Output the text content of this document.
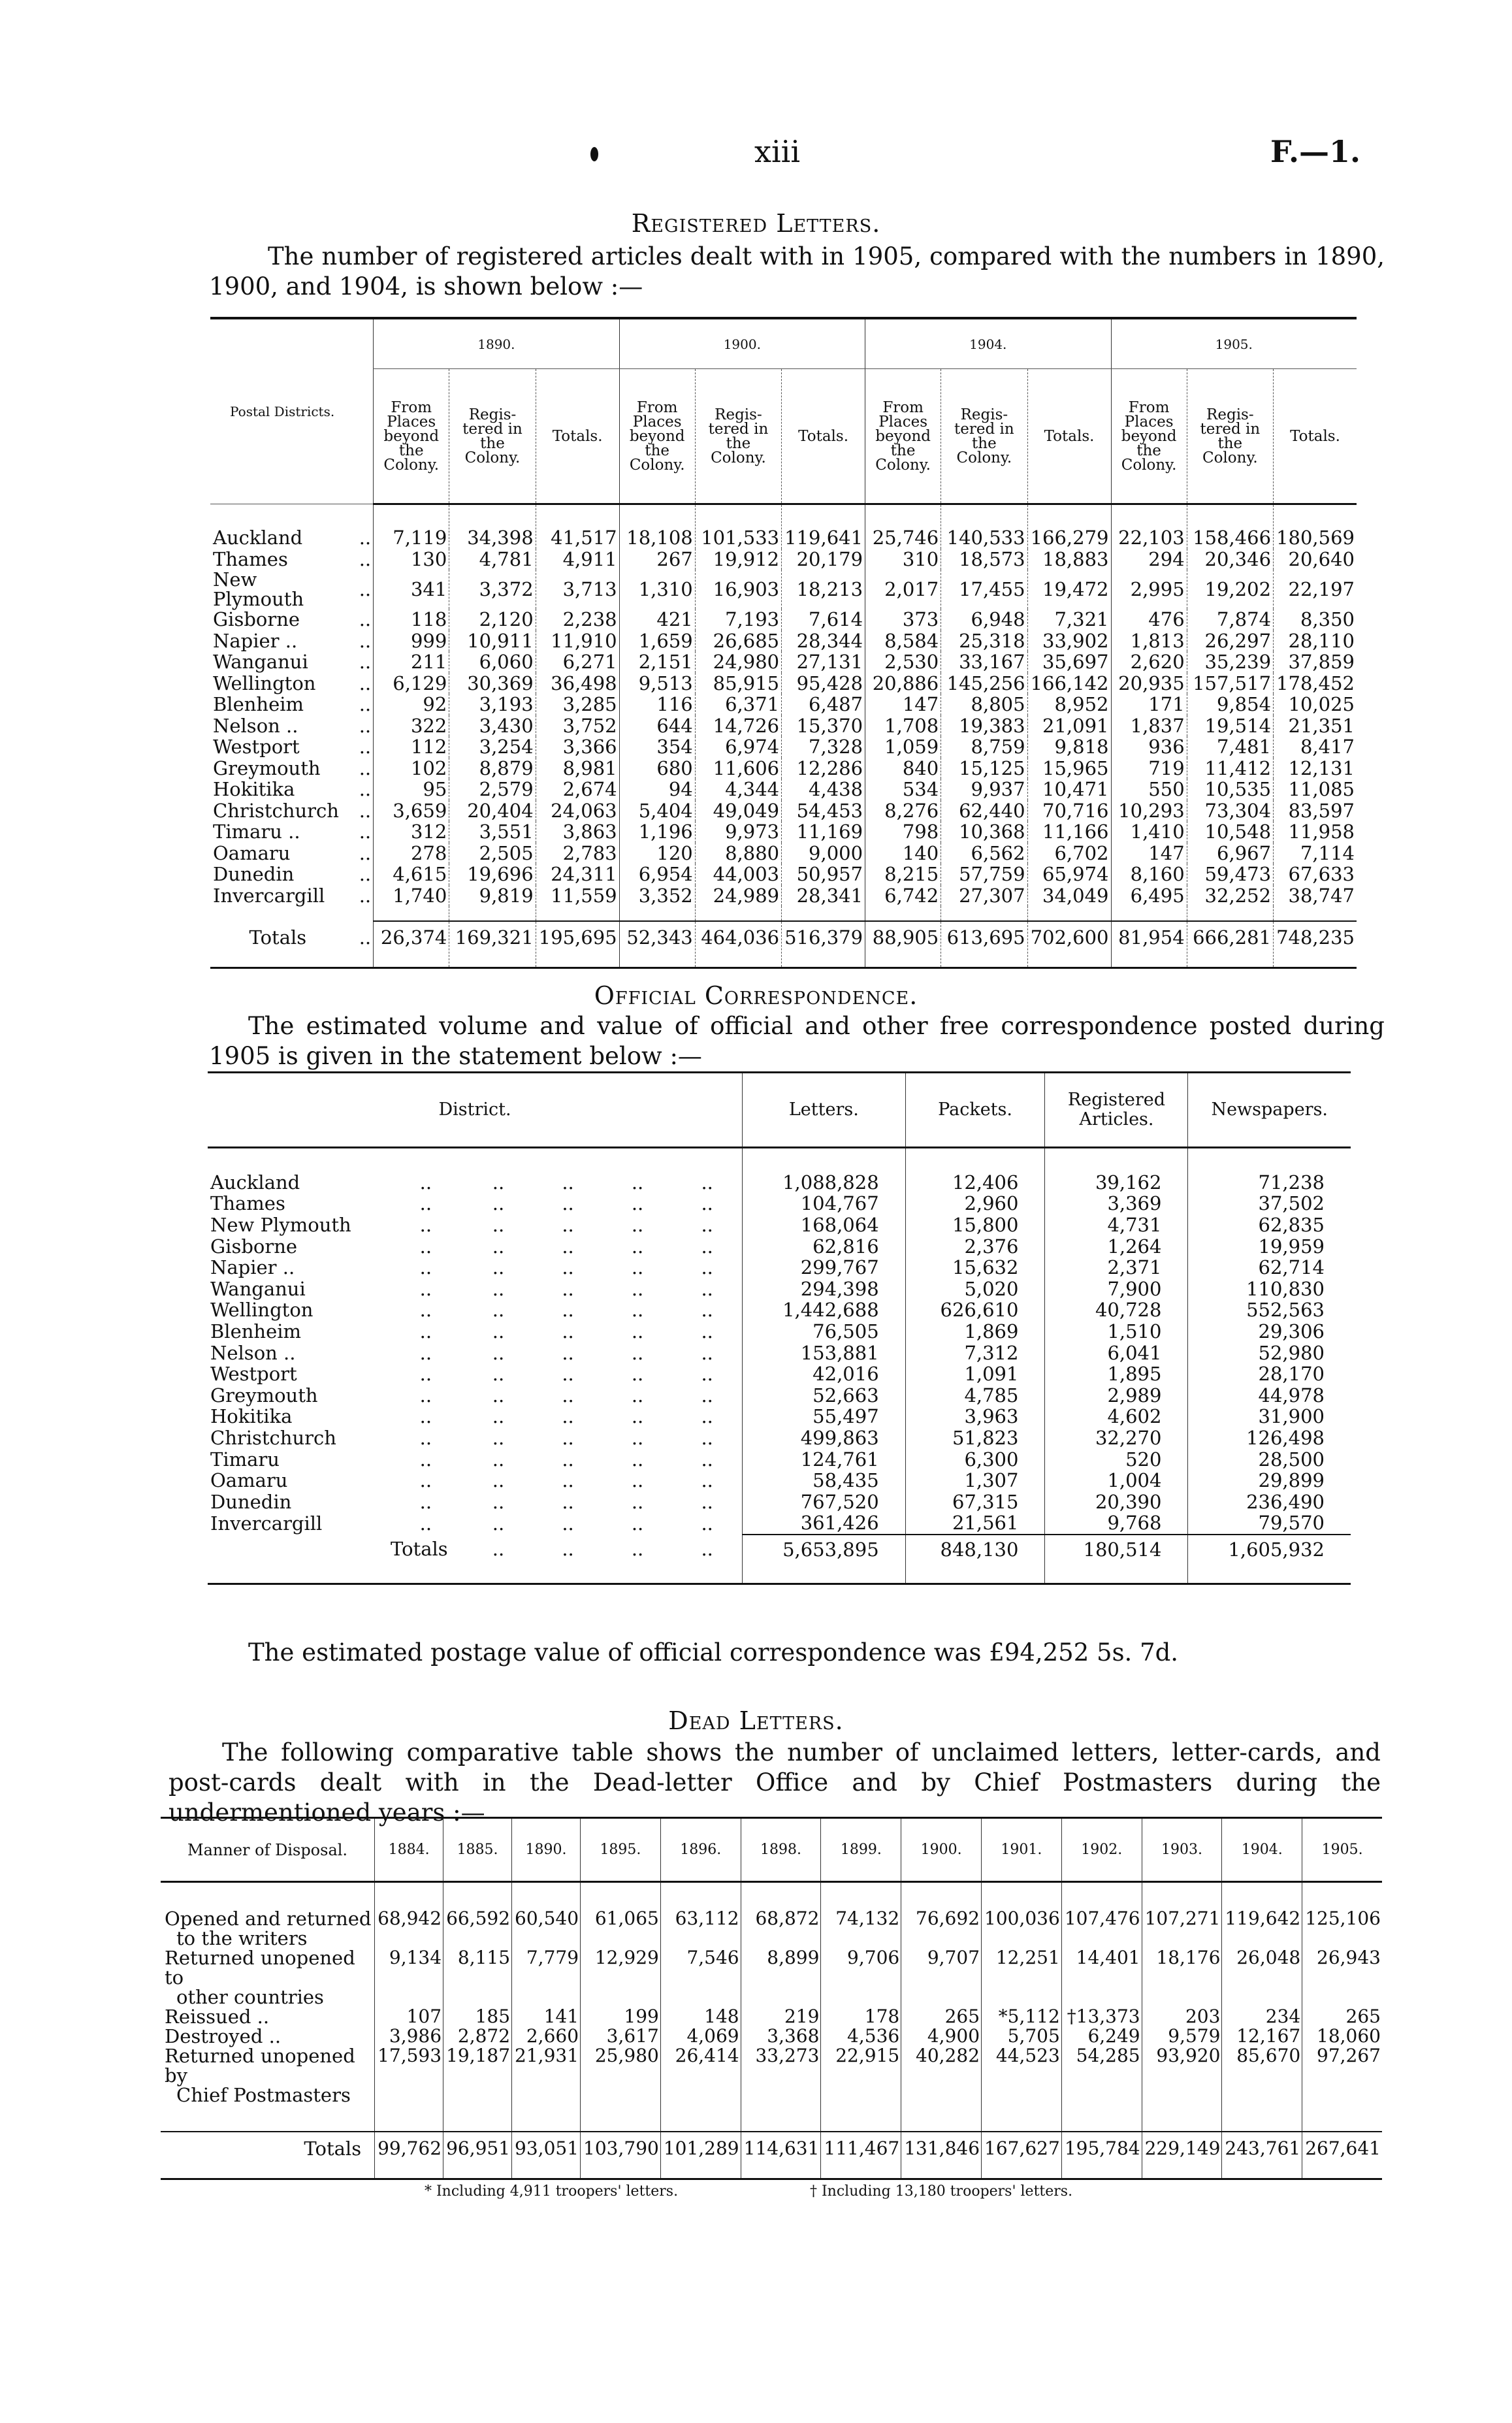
xiii	F.—1.
Registered Letters.
The number of registered articles dealt with in 1905, compared with the numbers in 1890, 1900, and 1904, is shown below :—
Postal Districts.		1890.			1900.			1904.			1905.		
		From Places beyond the Colony.	Regis-tered in the Colony.	Totals.	From Places beyond the Colony.	Regis-tered in the Colony.	Totals.	From Places beyond the Colony.	Regis-tered in the Colony.	Totals.	From Places beyond the Colony.	Regis-tered in the Colony.	Totals.
Auckland	..	7,119	34,398	41,517	18,108	101,533	119,641	25,746	140,533	166,279	22,103	158,466	180,569
Thames	..	130	4,781	4,911	267	19,912	20,179	310	18,573	18,883	294	20,346	20,640
New Plymouth	..	341	3,372	3,713	1,310	16,903	18,213	2,017	17,455	19,472	2,995	19,202	22,197
Gisborne	..	118	2,120	2,238	421	7,193	7,614	373	6,948	7,321	476	7,874	8,350
Napier ..	..	999	10,911	11,910	1,659	26,685	28,344	8,584	25,318	33,902	1,813	26,297	28,110
Wanganui	..	211	6,060	6,271	2,151	24,980	27,131	2,530	33,167	35,697	2,620	35,239	37,859
Wellington	..	6,129	30,369	36,498	9,513	85,915	95,428	20,886	145,256	166,142	20,935	157,517	178,452
Blenheim	..	92	3,193	3,285	116	6,371	6,487	147	8,805	8,952	171	9,854	10,025
Nelson ..	..	322	3,430	3,752	644	14,726	15,370	1,708	19,383	21,091	1,837	19,514	21,351
Westport	..	112	3,254	3,366	354	6,974	7,328	1,059	8,759	9,818	936	7,481	8,417
Greymouth	..	102	8,879	8,981	680	11,606	12,286	840	15,125	15,965	719	11,412	12,131
Hokitika	..	95	2,579	2,674	94	4,344	4,438	534	9,937	10,471	550	10,535	11,085
Christchurch	..	3,659	20,404	24,063	5,404	49,049	54,453	8,276	62,440	70,716	10,293	73,304	83,597
Timaru ..	..	312	3,551	3,863	1,196	9,973	11,169	798	10,368	11,166	1,410	10,548	11,958
Oamaru	..	278	2,505	2,783	120	8,880	9,000	140	6,562	6,702	147	6,967	7,114
Dunedin	..	4,615	19,696	24,311	6,954	44,003	50,957	8,215	57,759	65,974	8,160	59,473	67,633
Invercargill	..	1,740	9,819	11,559	3,352	24,989	28,341	6,742	27,307	34,049	6,495	32,252	38,747

Totals	..	26,374	169,321	195,695	52,343	464,036	516,379	88,905	613,695	702,600	81,954	666,281	748,235
Official Correspondence.
The estimated volume and value of official and other free correspondence posted during 1905 is given in the statement below :—
District.						Letters.	Packets.	Registered Articles.	Newspapers.
Auckland	..	..	..	..	..	1,088,828	12,406	39,162	71,238
Thames	..	..	..	..	..	104,767	2,960	3,369	37,502
New Plymouth	..	..	..	..	..	168,064	15,800	4,731	62,835
Gisborne	..	..	..	..	..	62,816	2,376	1,264	19,959
Napier ..	..	..	..	..	..	299,767	15,632	2,371	62,714
Wanganui	..	..	..	..	..	294,398	5,020	7,900	110,830
Wellington	..	..	..	..	..	1,442,688	626,610	40,728	552,563
Blenheim	..	..	..	..	..	76,505	1,869	1,510	29,306
Nelson ..	..	..	..	..	..	153,881	7,312	6,041	52,980
Westport	..	..	..	..	..	42,016	1,091	1,895	28,170
Greymouth	..	..	..	..	..	52,663	4,785	2,989	44,978
Hokitika	..	..	..	..	..	55,497	3,963	4,602	31,900
Christchurch	..	..	..	..	..	499,863	51,823	32,270	126,498
Timaru	..	..	..	..	..	124,761	6,300	520	28,500
Oamaru	..	..	..	..	..	58,435	1,307	1,004	29,899
Dunedin	..	..	..	..	..	767,520	67,315	20,390	236,490
Invercargill	..	..	..	..	..	361,426	21,561	9,768	79,570
	Totals	..	..	..	..	5,653,895	848,130	180,514	1,605,932
The estimated postage value of official correspondence was £94,252 5s. 7d.
Dead Letters.
The following comparative table shows the number of unclaimed letters, letter-cards, and post-cards dealt with in the Dead-letter Office and by Chief Postmasters during the undermentioned years :—
Manner of Disposal.	1884.	1885.	1890.	1895.	1896.	1898.	1899.	1900.	1901.	1902.	1903.	1904.	1905.
Opened and returned
to the writers	68,942	66,592	60,540	61,065	63,112	68,872	74,132	76,692	100,036	107,476	107,271	119,642	125,106
Returned unopened to
other countries	9,134	8,115	7,779	12,929	7,546	8,899	9,706	9,707	12,251	14,401	18,176	26,048	26,943
Reissued ..	107	185	141	199	148	219	178	265	*5,112	†13,373	203	234	265
Destroyed ..	3,986	2,872	2,660	3,617	4,069	3,368	4,536	4,900	5,705	6,249	9,579	12,167	18,060
Returned unopened by
Chief Postmasters	17,593	19,187	21,931	25,980	26,414	33,273	22,915	40,282	44,523	54,285	93,920	85,670	97,267

Totals	99,762	96,951	93,051	103,790	101,289	114,631	111,467	131,846	167,627	195,784	229,149	243,761	267,641
* Including 4,911 troopers' letters.	† Including 13,180 troopers' letters.
